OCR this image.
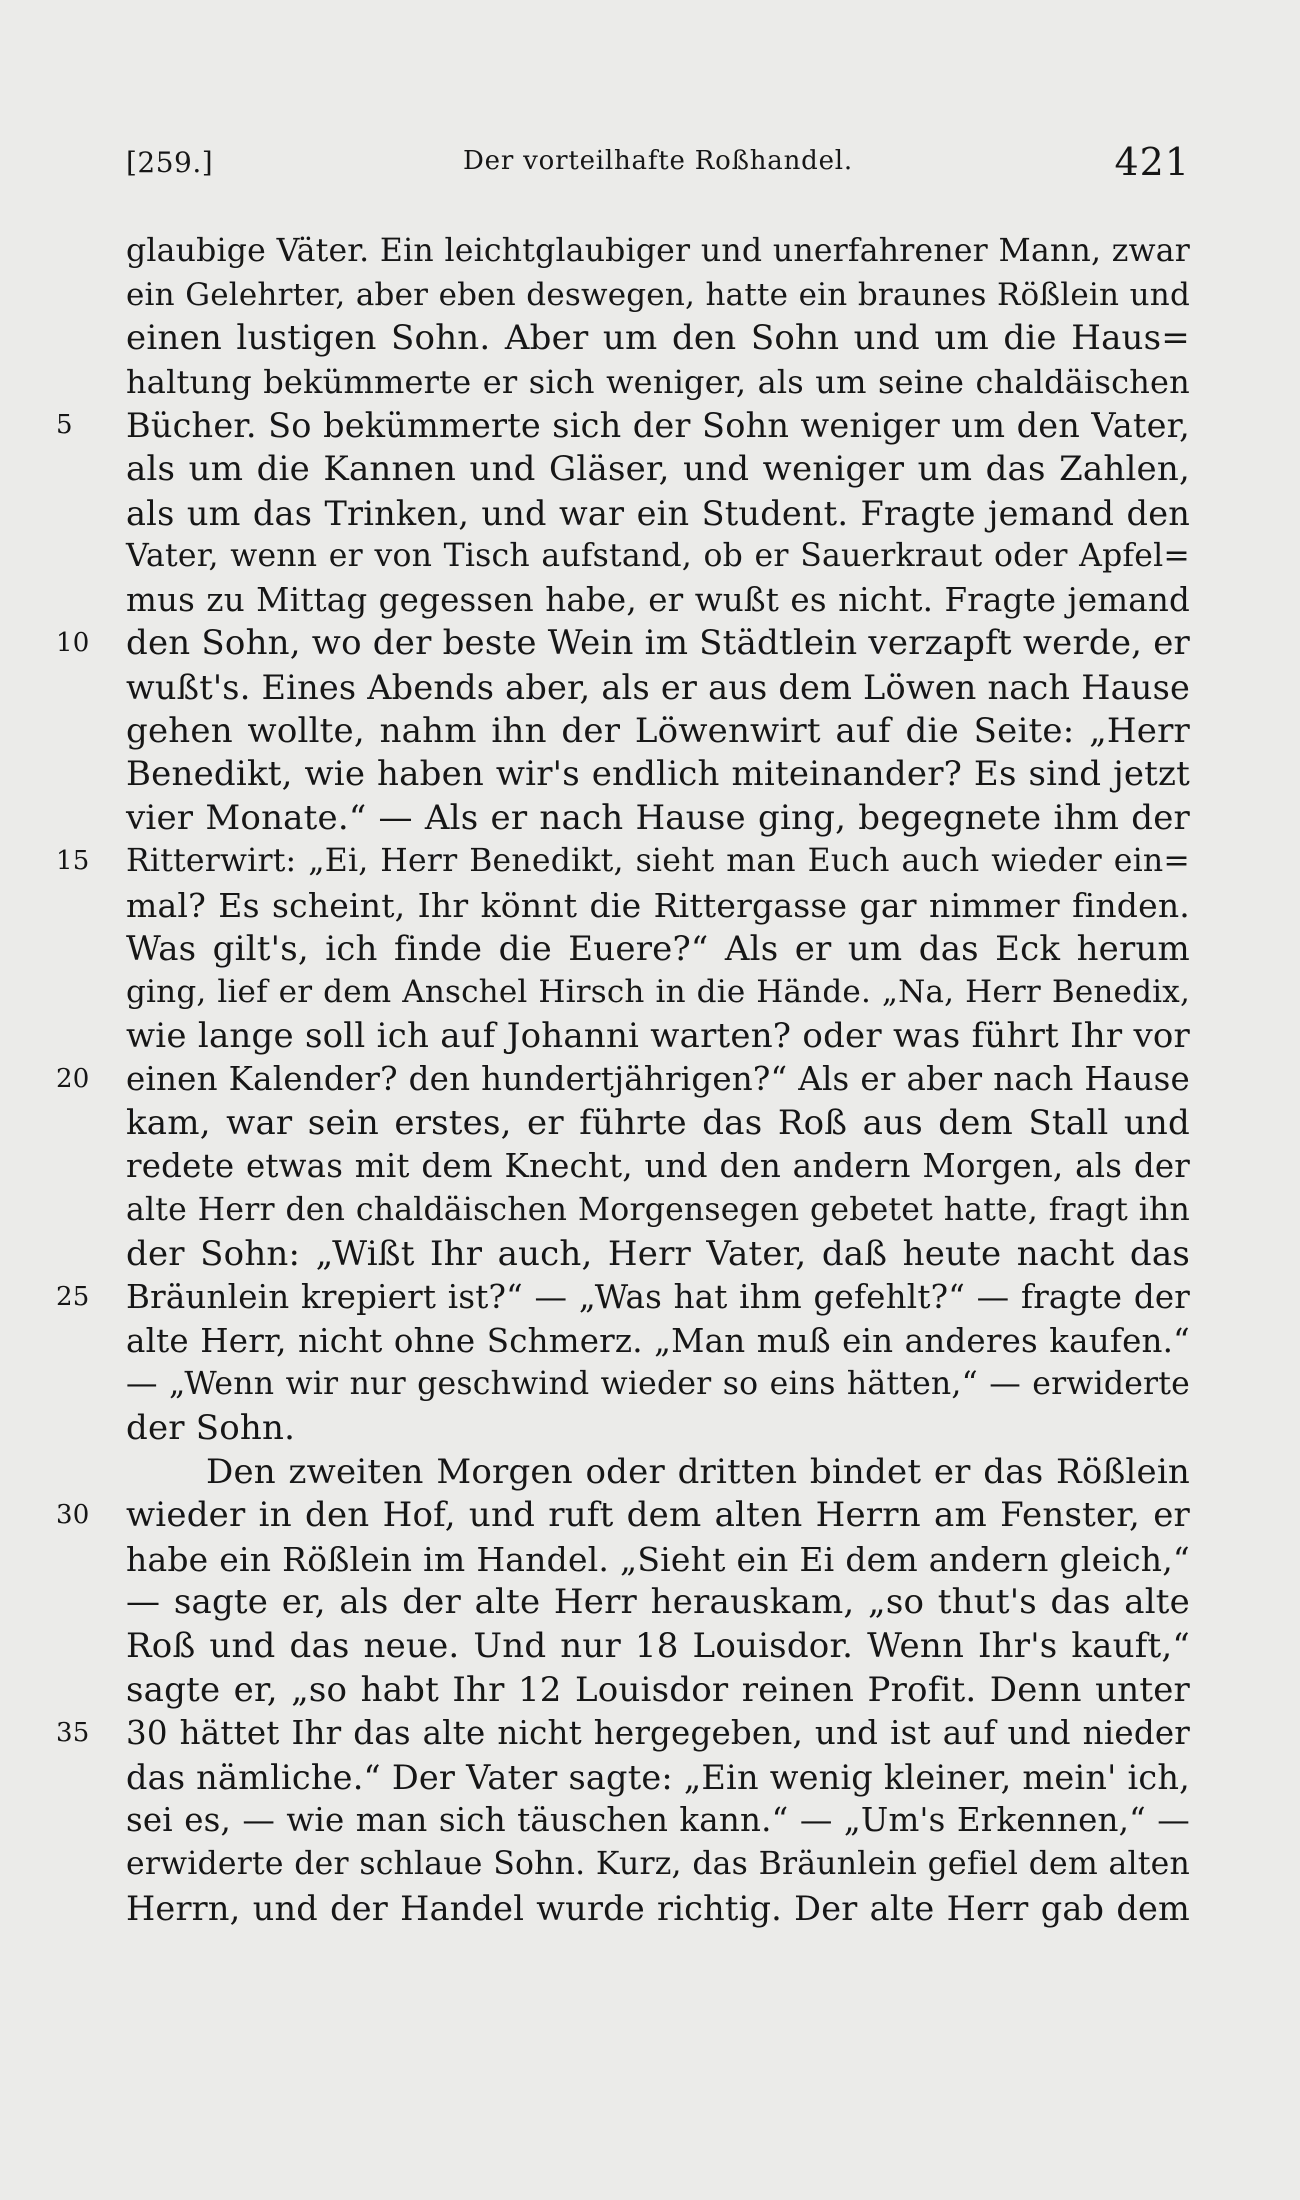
[259.]	Der vorteilhafte Roßhandel.	421
glaubige Väter. Ein leichtglaubiger und unerfahrener Mann, zwar
ein Gelehrter, aber eben deswegen, hatte ein braunes Rößlein und
einen lustigen Sohn. Aber um den Sohn und um die Haus=
haltung bekümmerte er sich weniger, als um seine chaldäischen
5	Bücher. So bekümmerte sich der Sohn weniger um den Vater,
als um die Kannen und Gläser, und weniger um das Zahlen,
als um das Trinken, und war ein Student. Fragte jemand den
Vater, wenn er von Tisch aufstand, ob er Sauerkraut oder Apfel=
mus zu Mittag gegessen habe, er wußt es nicht. Fragte jemand
10	den Sohn, wo der beste Wein im Städtlein verzapft werde, er
wußt's. Eines Abends aber, als er aus dem Löwen nach Hause
gehen wollte, nahm ihn der Löwenwirt auf die Seite: „Herr
Benedikt, wie haben wir's endlich miteinander? Es sind jetzt
vier Monate.“ — Als er nach Hause ging, begegnete ihm der
15	Ritterwirt: „Ei, Herr Benedikt, sieht man Euch auch wieder ein=
mal? Es scheint, Ihr könnt die Rittergasse gar nimmer finden.
Was gilt's, ich finde die Euere?“ Als er um das Eck herum
ging, lief er dem Anschel Hirsch in die Hände. „Na, Herr Benedix,
wie lange soll ich auf Johanni warten? oder was führt Ihr vor
20	einen Kalender? den hundertjährigen?“ Als er aber nach Hause
kam, war sein erstes, er führte das Roß aus dem Stall und
redete etwas mit dem Knecht, und den andern Morgen, als der
alte Herr den chaldäischen Morgensegen gebetet hatte, fragt ihn
der Sohn: „Wißt Ihr auch, Herr Vater, daß heute nacht das
25	Bräunlein krepiert ist?“ — „Was hat ihm gefehlt?“ — fragte der
alte Herr, nicht ohne Schmerz. „Man muß ein anderes kaufen.“
— „Wenn wir nur geschwind wieder so eins hätten,“ — erwiderte
der Sohn.
Den zweiten Morgen oder dritten bindet er das Rößlein
30	wieder in den Hof, und ruft dem alten Herrn am Fenster, er
habe ein Rößlein im Handel. „Sieht ein Ei dem andern gleich,“
— sagte er, als der alte Herr herauskam, „so thut's das alte
Roß und das neue. Und nur 18 Louisdor. Wenn Ihr's kauft,“
sagte er, „so habt Ihr 12 Louisdor reinen Profit. Denn unter
35	30 hättet Ihr das alte nicht hergegeben, und ist auf und nieder
das nämliche.“ Der Vater sagte: „Ein wenig kleiner, mein' ich,
sei es, — wie man sich täuschen kann.“ — „Um's Erkennen,“ —
erwiderte der schlaue Sohn. Kurz, das Bräunlein gefiel dem alten
Herrn, und der Handel wurde richtig. Der alte Herr gab dem
